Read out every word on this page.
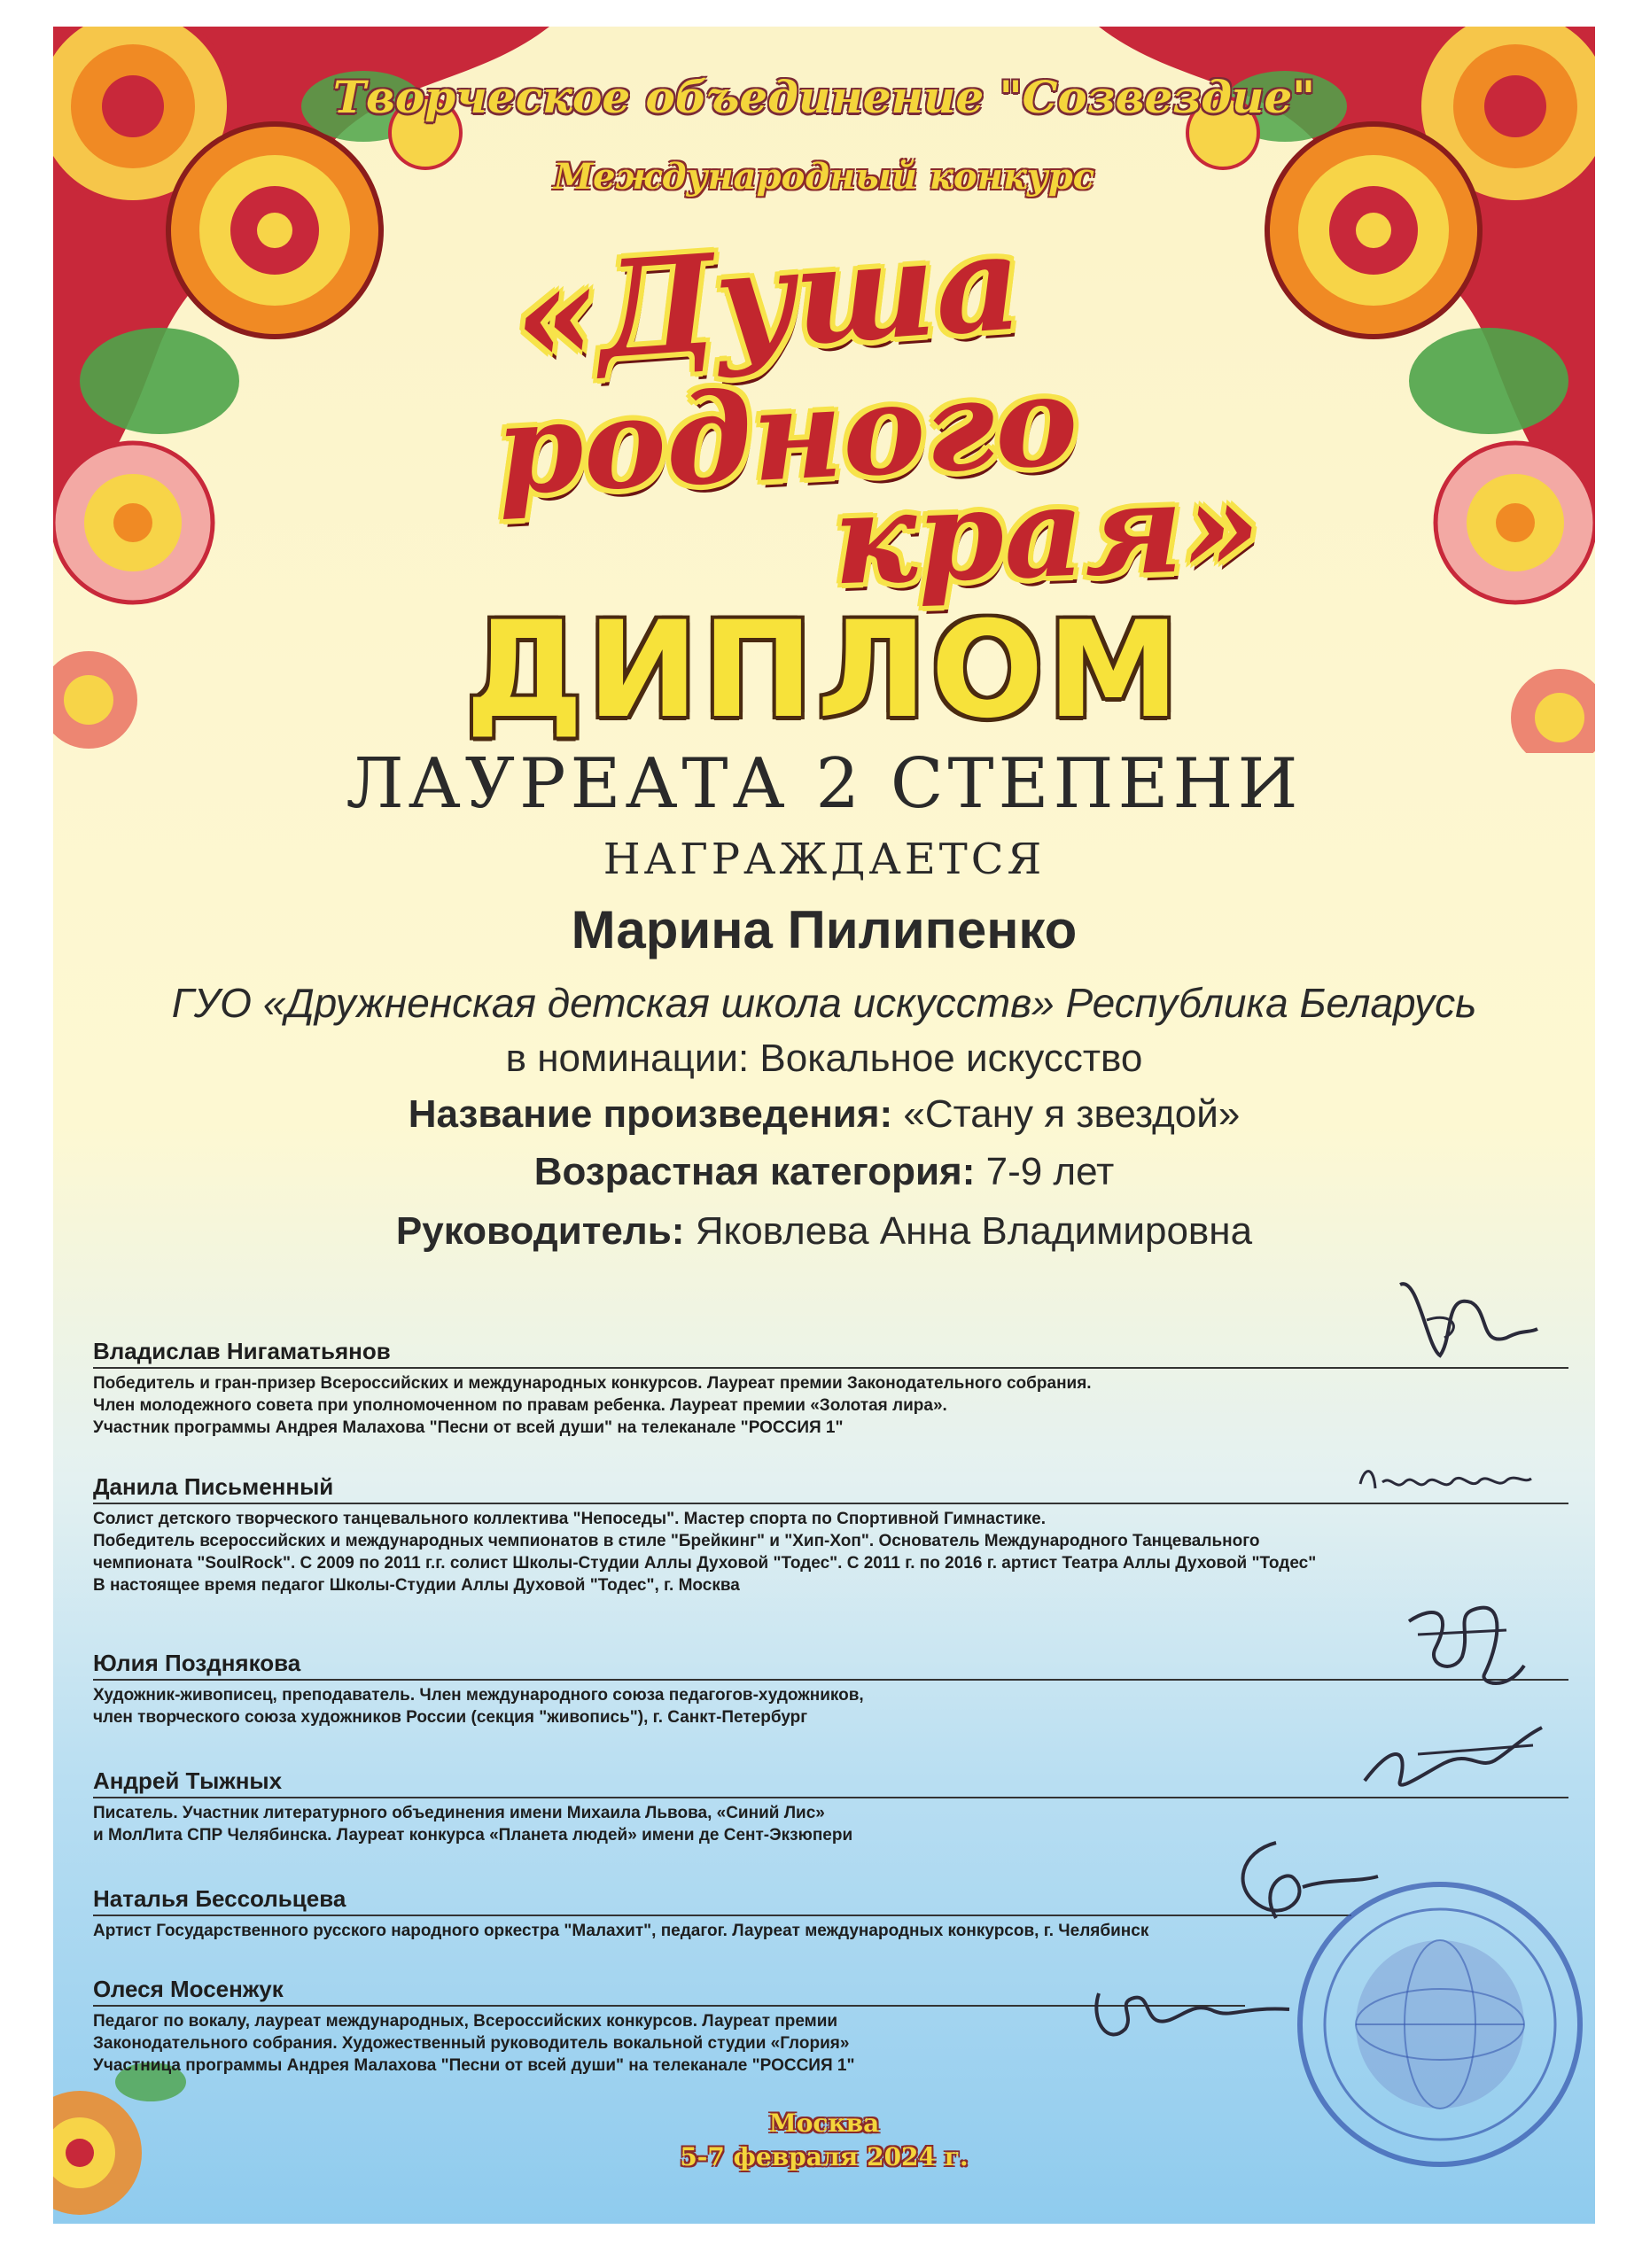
Творческое объединение "Созвездие"
Международный конкурс
«Душа
родного
края»
ДИПЛОМ
ЛАУРЕАТА 2 СТЕПЕНИ
НАГРАЖДАЕТСЯ
Марина Пилипенко
ГУО «Дружненская детская школа искусств» Республика Беларусь
в номинации: Вокальное искусство
Название произведения: «Стану я звездой»
Возрастная категория: 7-9 лет
Руководитель: Яковлева Анна Владимировна
Владислав Нигаматьянов
Победитель и гран-призер Всероссийских и международных конкурсов. Лауреат премии Законодательного собрания.
Член молодежного совета при уполномоченном по правам ребенка. Лауреат премии «Золотая лира».
Участник программы Андрея Малахова "Песни от всей души" на телеканале "РОССИЯ 1"
Данила Письменный
Солист детского творческого танцевального коллектива "Непоседы". Мастер спорта по Спортивной Гимнастике.
Победитель всероссийских и международных чемпионатов в стиле "Брейкинг" и "Хип-Хоп". Основатель Международного Танцевального
чемпионата "SoulRock". С 2009 по 2011 г.г. солист Школы-Студии Аллы Духовой "Тодес". С 2011 г. по 2016 г. артист Театра Аллы Духовой "Тодес"
В настоящее время педагог Школы-Студии Аллы Духовой "Тодес", г. Москва
Юлия Позднякова
Художник-живописец, преподаватель. Член международного союза педагогов-художников,
член творческого союза художников России (секция "живопись"), г. Санкт-Петербург
Андрей Тыжных
Писатель. Участник литературного объединения имени Михаила Львова, «Синий Лис»
и МолЛита СПР Челябинска. Лауреат конкурса «Планета людей» имени де Сент-Экзюпери
Наталья Бессольцева
Артист Государственного русского народного оркестра "Малахит", педагог. Лауреат международных конкурсов, г. Челябинск
Олеся Мосенжук
Педагог по вокалу, лауреат международных, Всероссийских конкурсов. Лауреат премии
Законодательного собрания. Художественный руководитель вокальной студии «Глория»
Участница программы Андрея Малахова "Песни от всей души" на телеканале "РОССИЯ 1"
Москва
5-7 февраля 2024 г.
